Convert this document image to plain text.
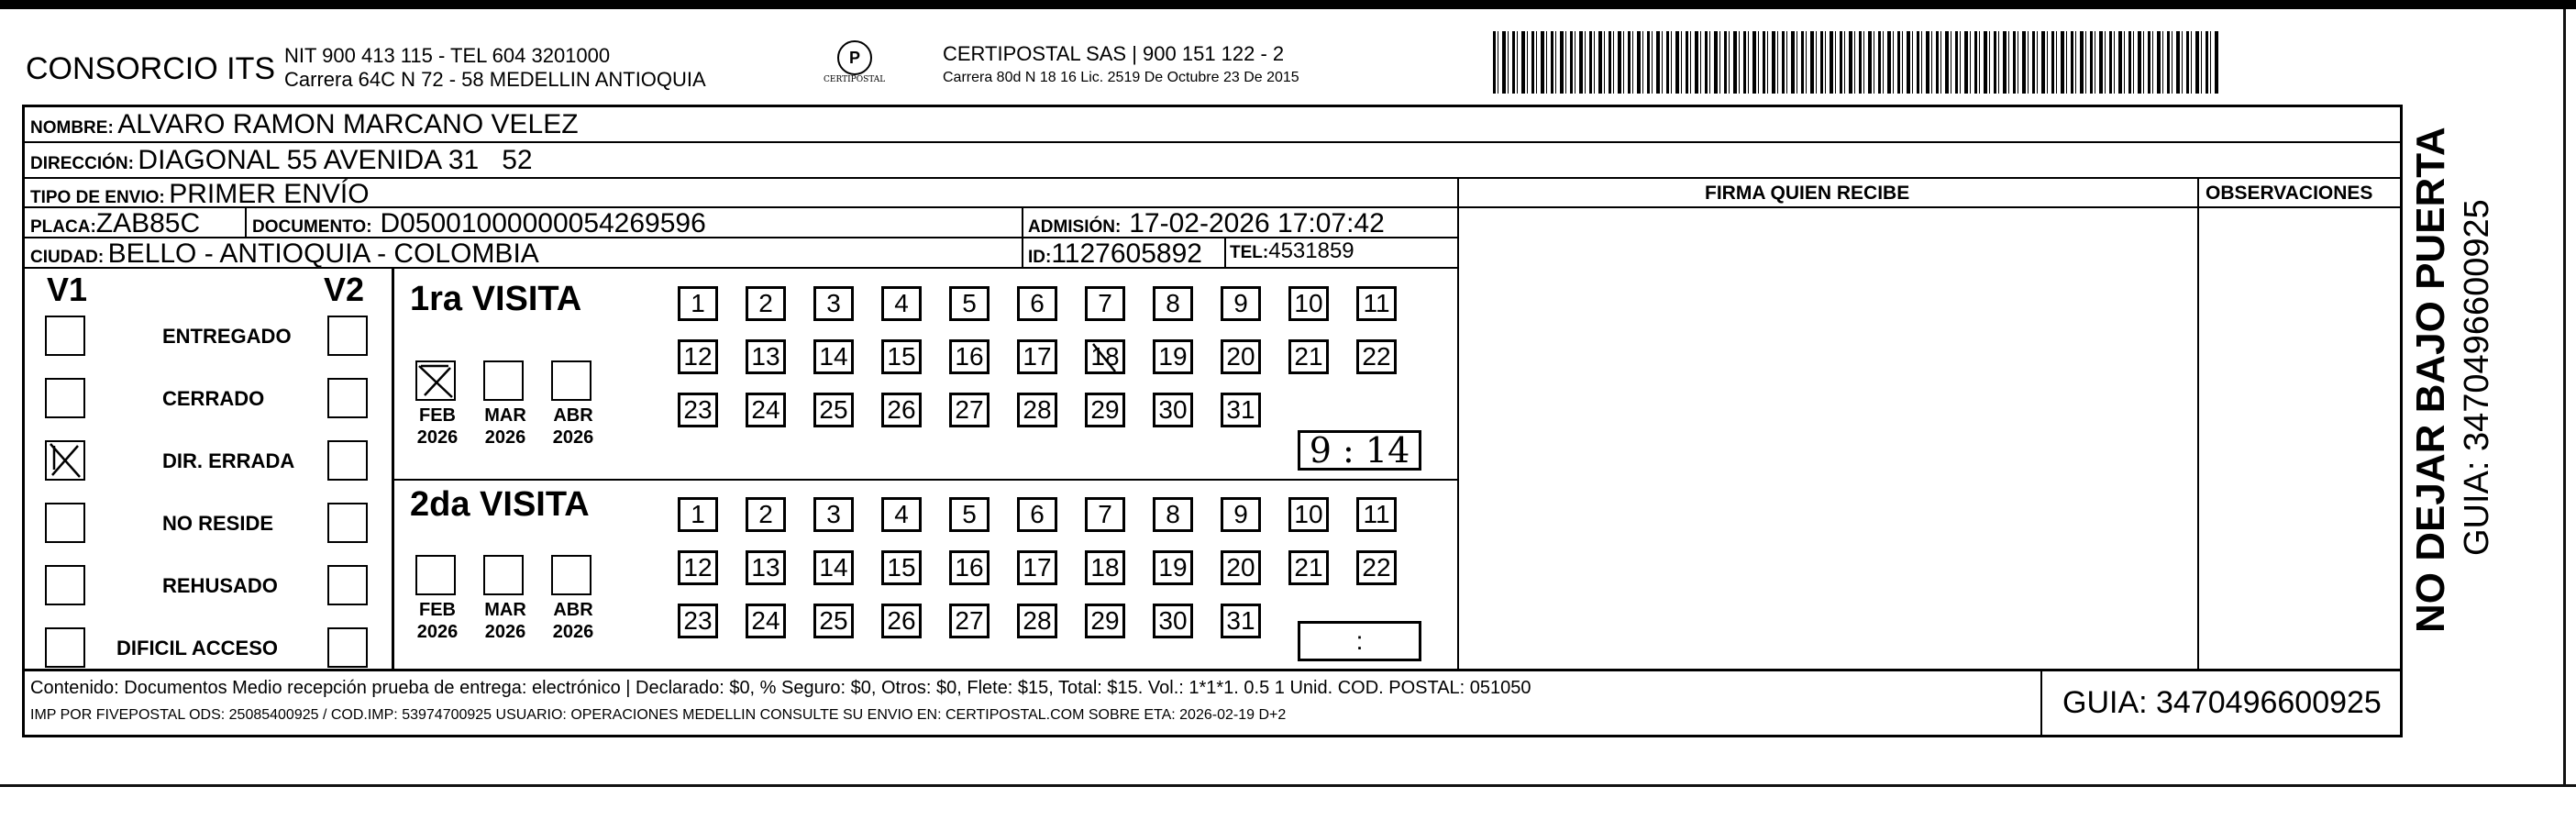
CONSORCIO ITS NIT 900 413 115 - TEL 604 3201000
Carrera 64C N 72 - 58 MEDELLIN ANTIOQUIA
P
CERTIPOSTAL
CERTIPOSTAL SAS | 900 151 122 - 2
Carrera 80d N 18 16 Lic. 2519 De Octubre 23 De 2015
NOMBRE: ALVARO RAMON MARCANO VELEZ
DIRECCIÓN: DIAGONAL 55 AVENIDA 31   52
TIPO DE ENVIO: PRIMER ENVÍO	FIRMA QUIEN RECIBE	OBSERVACIONES
PLACA:ZAB85C	DOCUMENTO: D05001000000054269596	ADMISIÓN: 17-02-2026 17:07:42
CIUDAD: BELLO - ANTIOQUIA - COLOMBIA	ID:1127605892 TEL:4531859
V1	V2
ENTREGADO
CERRADO
DIR. ERRADA
NO RESIDE
REHUSADO
DIFICIL ACCESO
1ra VISITA
FEB
2026
MAR
2026
ABR
2026
1	2	3	4	5	6	7	8	9	10 11
12 13 14 15 16 17 18 19 20 21 22
23 24 25 26 27 28 29 30 31
9 : 14
2da VISITA
FEB
2026
MAR
2026
ABR
2026
1	2	3	4	5	6	7	8	9	10 11
12 13 14 15 16 17 18 19 20 21 22
23 24 25 26 27 28 29 30 31
:
Contenido: Documentos Medio recepción prueba de entrega: electrónico | Declarado: $0, % Seguro: $0, Otros: $0, Flete: $15, Total: $15. Vol.: 1*1*1. 0.5 1 Unid. COD. POSTAL: 051050
IMP POR FIVEPOSTAL ODS: 25085400925 / COD.IMP: 53974700925 USUARIO: OPERACIONES MEDELLIN CONSULTE SU ENVIO EN: CERTIPOSTAL.COM SOBRE ETA: 2026-02-19 D+2	GUIA: 3470496600925
NO DEJAR BAJO PUERTA GUIA: 3470496600925
